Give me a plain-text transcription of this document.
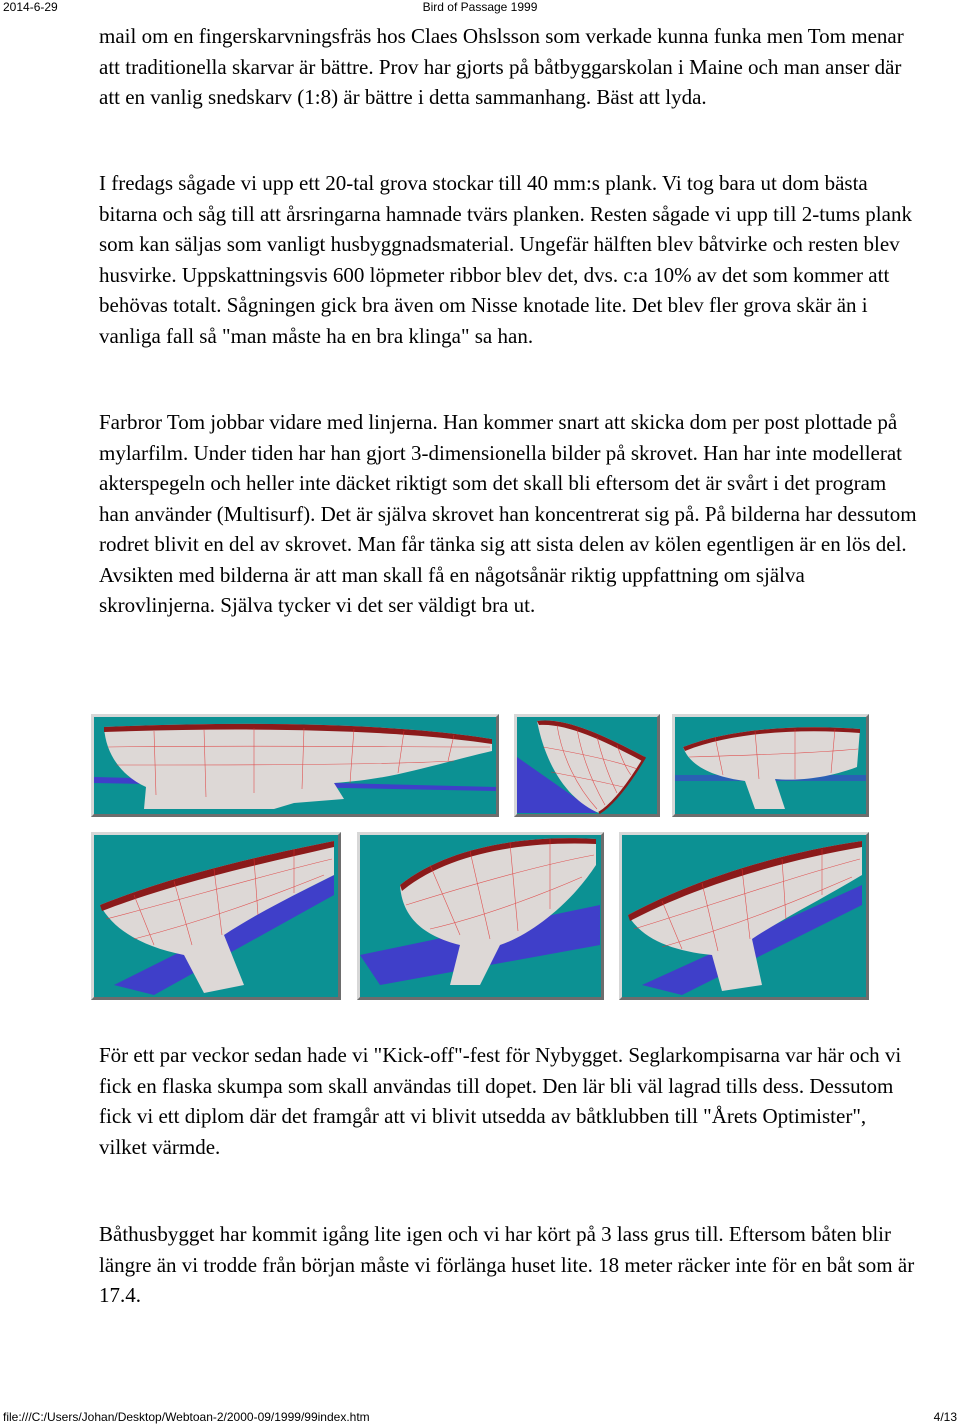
2014-6-29	Bird of Passage 1999

mail om en fingerskarvningsfräs hos Claes Ohslsson som verkade kunna funka men Tom menar att traditionella skarvar är bättre. Prov har gjorts på båtbyggarskolan i Maine och man anser där att en vanlig snedskarv (1:8) är bättre i detta sammanhang. Bäst att lyda.

I fredags sågade vi upp ett 20-tal grova stockar till 40 mm:s plank. Vi tog bara ut dom bästa bitarna och såg till att årsringarna hamnade tvärs planken. Resten sågade vi upp till 2-tums plank som kan säljas som vanligt husbyggnadsmaterial. Ungefär hälften blev båtvirke och resten blev husvirke. Uppskattningsvis 600 löpmeter ribbor blev det, dvs. c:a 10% av det som kommer att behövas totalt. Sågningen gick bra även om Nisse knotade lite. Det blev fler grova skär än i vanliga fall så "man måste ha en bra klinga" sa han.

Farbror Tom jobbar vidare med linjerna. Han kommer snart att skicka dom per post plottade på mylarfilm. Under tiden har han gjort 3-dimensionella bilder på skrovet. Han har inte modellerat akterspegeln och heller inte däcket riktigt som det skall bli eftersom det är svårt i det program han använder (Multisurf). Det är själva skrovet han koncentrerat sig på. På bilderna har dessutom rodret blivit en del av skrovet. Man får tänka sig att sista delen av kölen egentligen är en lös del. Avsikten med bilderna är att man skall få en någotsånär riktig uppfattning om själva skrovlinjerna. Själva tycker vi det ser väldigt bra ut.

För ett par veckor sedan hade vi "Kick-off"-fest för Nybygget. Seglarkompisarna var här och vi fick en flaska skumpa som skall användas till dopet. Den lär bli väl lagrad tills dess. Dessutom fick vi ett diplom där det framgår att vi blivit utsedda av båtklubben till "Årets Optimister", vilket värmde.

Båthusbygget har kommit igång lite igen och vi har kört på 3 lass grus till. Eftersom båten blir längre än vi trodde från början måste vi förlänga huset lite. 18 meter räcker inte för en båt som är 17.4.

file:///C:/Users/Johan/Desktop/Webtoan-2/2000-09/1999/99index.htm	4/13
